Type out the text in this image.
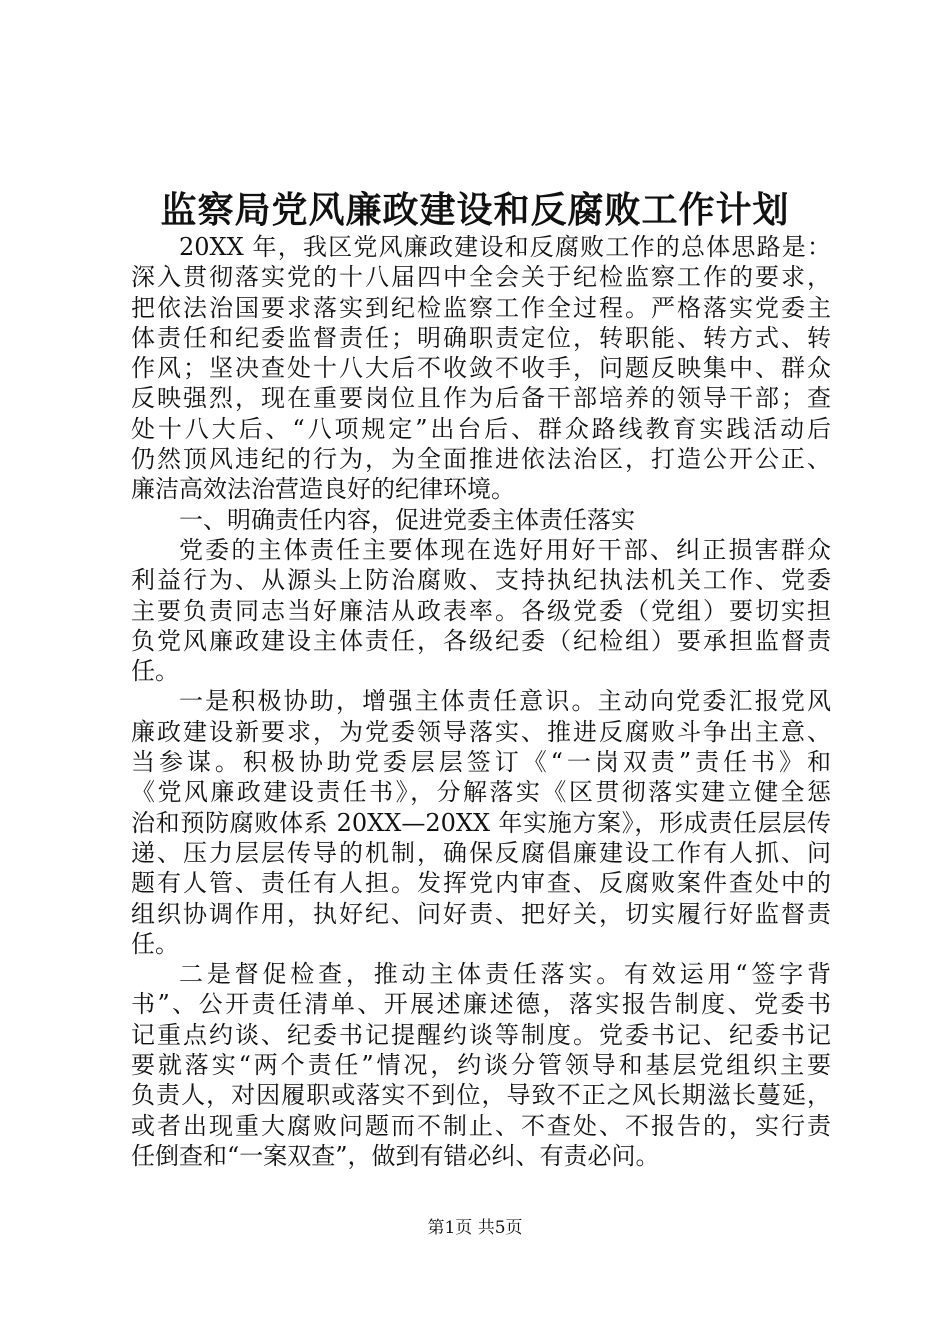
监察局党风廉政建设和反腐败工作计划
20XX 年，我区党风廉政建设和反腐败工作的总体思路是：
深入贯彻落实党的十八届四中全会关于纪检监察工作的要求，
把依法治国要求落实到纪检监察工作全过程。严格落实党委主
体责任和纪委监督责任；明确职责定位，转职能、转方式、转
作风；坚决查处十八大后不收敛不收手，问题反映集中、群众
反映强烈，现在重要岗位且作为后备干部培养的领导干部；查
处十八大后、“八项规定”出台后、群众路线教育实践活动后
仍然顶风违纪的行为，为全面推进依法治区，打造公开公正、
廉洁高效法治营造良好的纪律环境。
一、明确责任内容，促进党委主体责任落实
党委的主体责任主要体现在选好用好干部、纠正损害群众
利益行为、从源头上防治腐败、支持执纪执法机关工作、党委
主要负责同志当好廉洁从政表率。各级党委（党组）要切实担
负党风廉政建设主体责任，各级纪委（纪检组）要承担监督责
任。
一是积极协助，增强主体责任意识。主动向党委汇报党风
廉政建设新要求，为党委领导落实、推进反腐败斗争出主意、
当参谋。积极协助党委层层签订《“一岗双责”责任书》和
《党风廉政建设责任书》，分解落实《区贯彻落实建立健全惩
治和预防腐败体系 20XX—20XX 年实施方案》，形成责任层层传
递、压力层层传导的机制，确保反腐倡廉建设工作有人抓、问
题有人管、责任有人担。发挥党内审查、反腐败案件查处中的
组织协调作用，执好纪、问好责、把好关，切实履行好监督责
任。
二是督促检查，推动主体责任落实。有效运用“签字背
书”、公开责任清单、开展述廉述德，落实报告制度、党委书
记重点约谈、纪委书记提醒约谈等制度。党委书记、纪委书记
要就落实“两个责任”情况，约谈分管领导和基层党组织主要
负责人，对因履职或落实不到位，导致不正之风长期滋长蔓延，
或者出现重大腐败问题而不制止、不查处、不报告的，实行责
任倒查和“一案双查”，做到有错必纠、有责必问。
第1页 共5页
